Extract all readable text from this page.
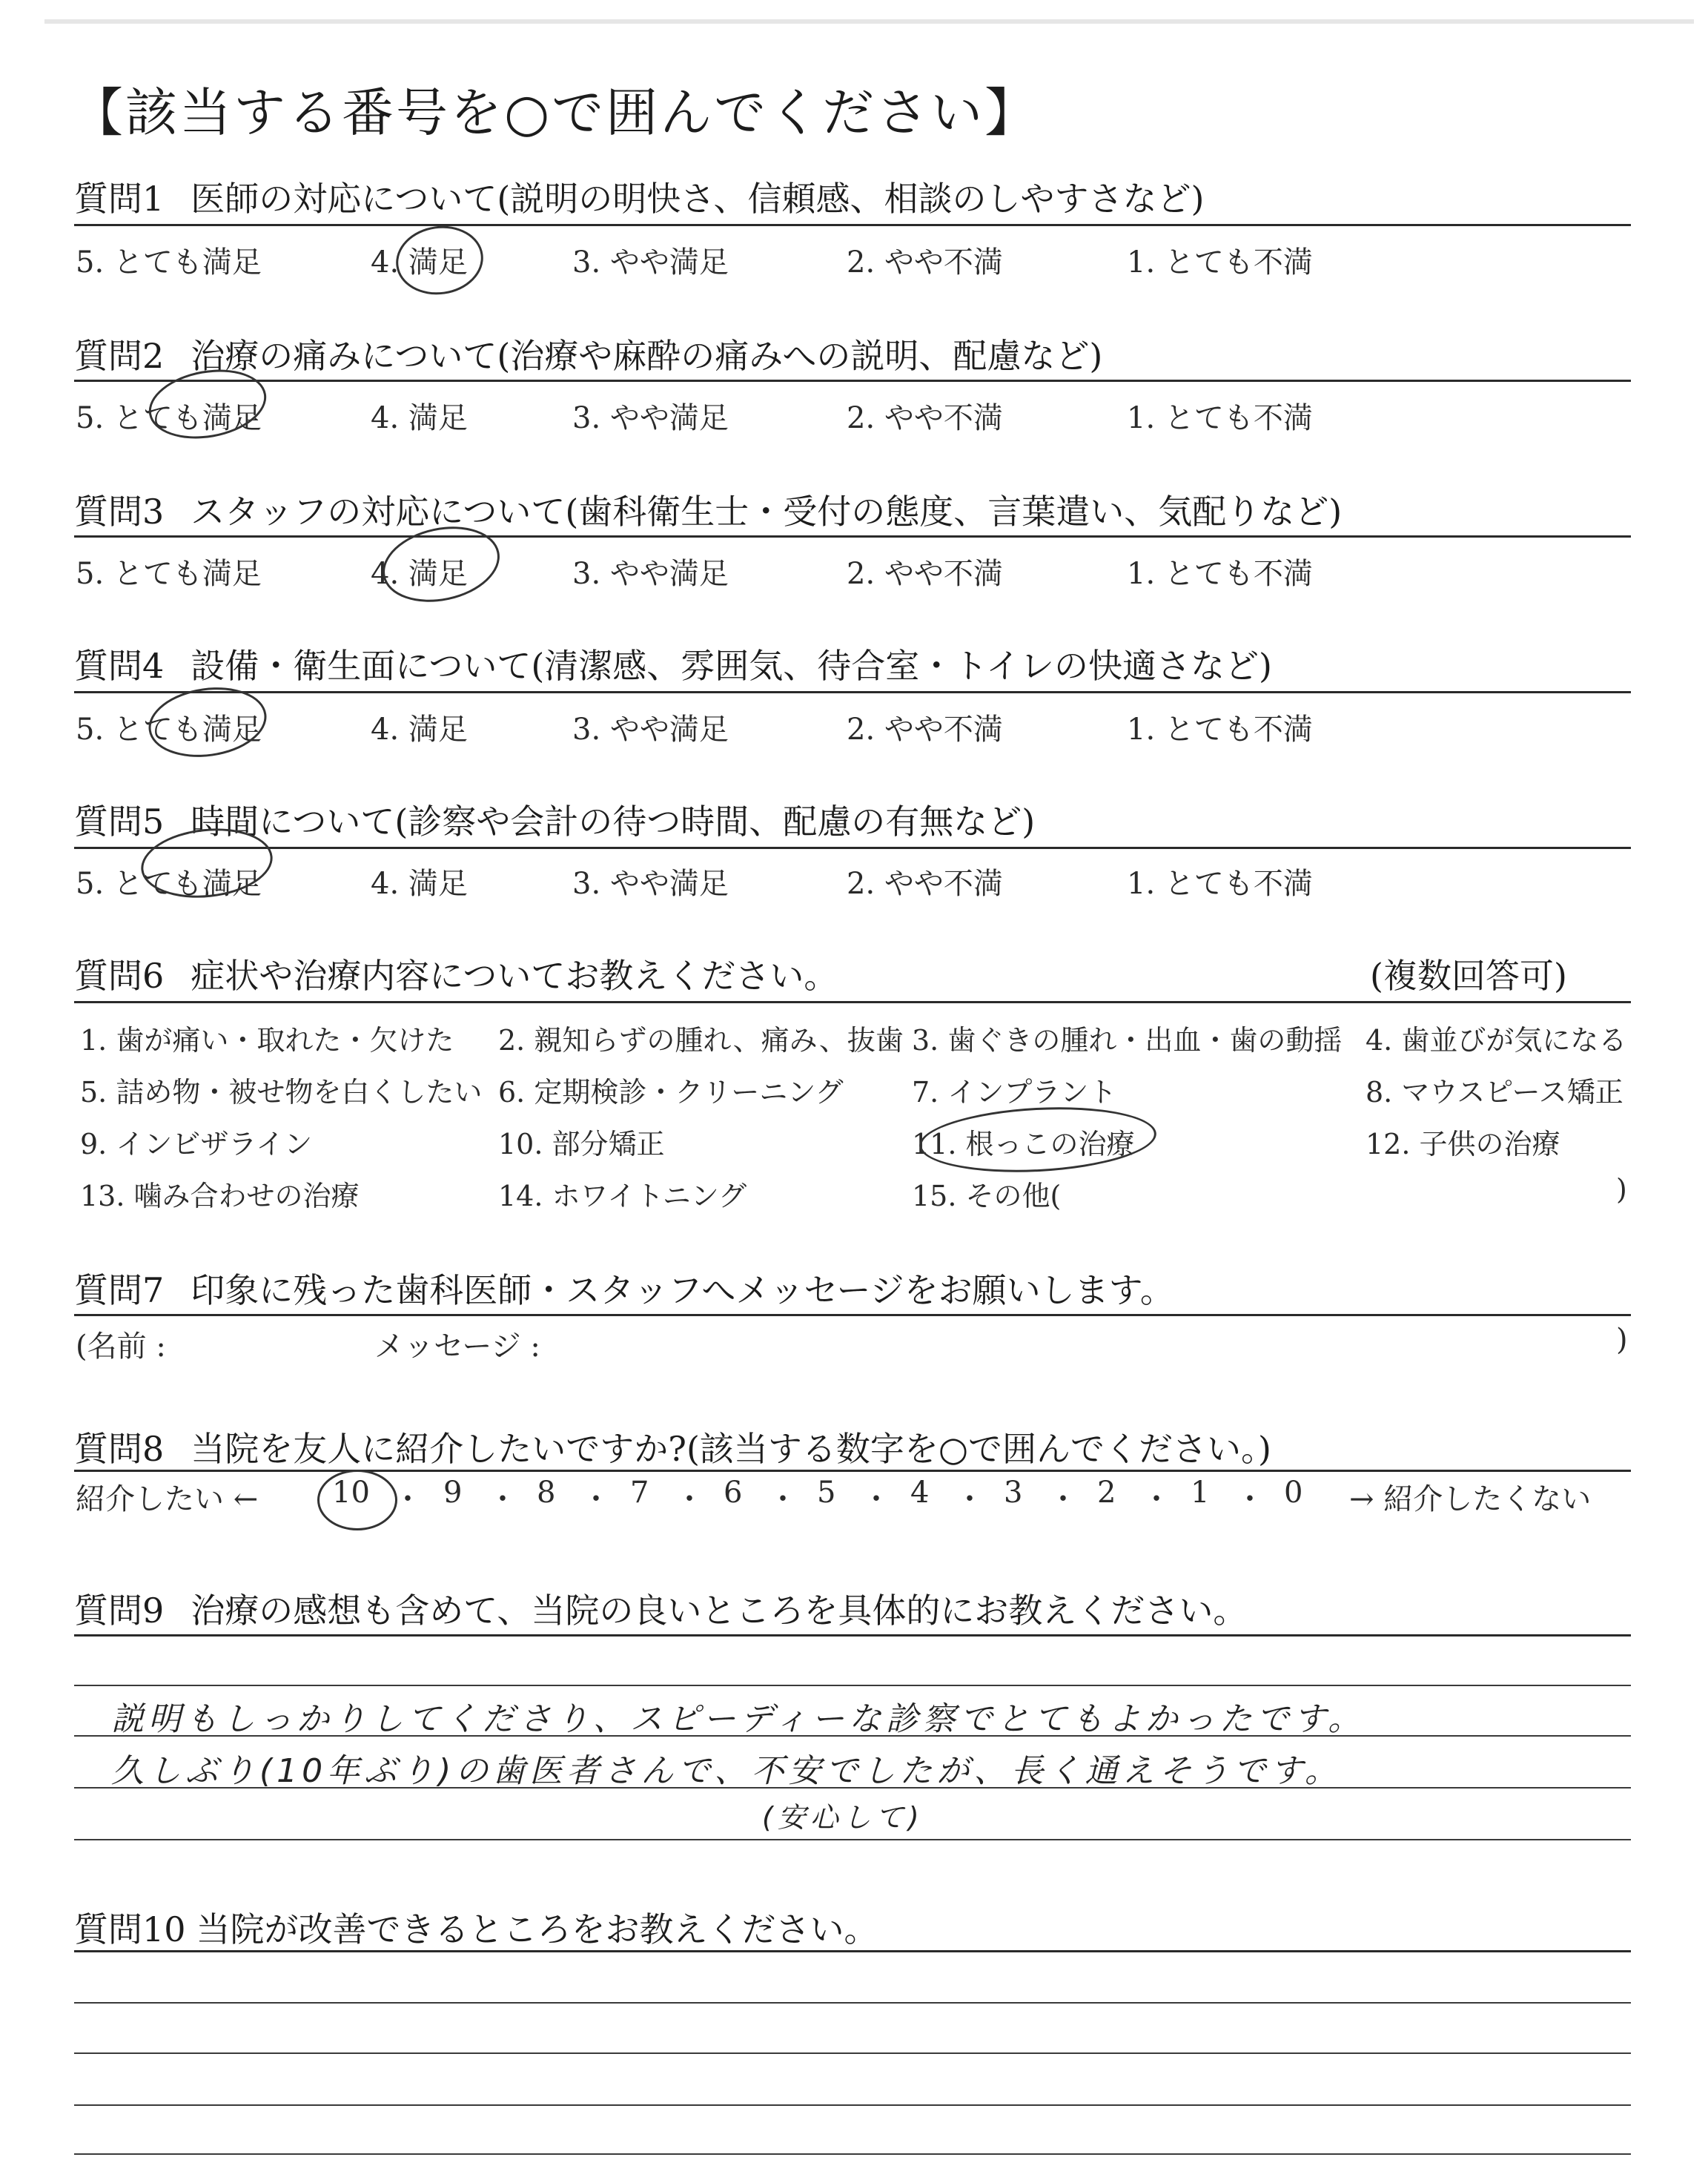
【該当する番号を○で囲んでください】
質問1 医師の対応について(説明の明快さ、信頼感、相談のしやすさなど)
5. とても満足	4. 満足	3. やや満足	2. やや不満	1. とても不満
質問2 治療の痛みについて(治療や麻酔の痛みへの説明、配慮など)
5. とても満足	4. 満足	3. やや満足	2. やや不満	1. とても不満
質問3 スタッフの対応について(歯科衛生士・受付の態度、言葉遣い、気配りなど)
5. とても満足	4. 満足	3. やや満足	2. やや不満	1. とても不満
質問4 設備・衛生面について(清潔感、雰囲気、待合室・トイレの快適さなど)
5. とても満足	4. 満足	3. やや満足	2. やや不満	1. とても不満
質問5 時間について(診察や会計の待つ時間、配慮の有無など)
5. とても満足	4. 満足	3. やや満足	2. やや不満	1. とても不満
質問6 症状や治療内容についてお教えください。	(複数回答可)
1. 歯が痛い・取れた・欠けた 2. 親知らずの腫れ、痛み、抜歯 3. 歯ぐきの腫れ・出血・歯の動揺 4. 歯並びが気になる
5. 詰め物・被せ物を白くしたい 6. 定期検診・クリーニング 7. インプラント	8. マウスピース矯正
9. インビザライン	10. 部分矯正	11. 根っこの治療	12. 子供の治療
13. 噛み合わせの治療	14. ホワイトニング	15. その他(	)
質問7 印象に残った歯科医師・スタッフへメッセージをお願いします。
(名前 :	メッセージ :	)
質問8 当院を友人に紹介したいですか?(該当する数字を○で囲んでください。)
紹介したい ← 10 ・ 9 ・ 8 ・ 7 ・ 6 ・ 5 ・ 4 ・ 3 ・ 2 ・ 1 ・ 0 → 紹介したくない
質問9 治療の感想も含めて、当院の良いところを具体的にお教えください。
説明もしっかりしてくださり、スピーディーな診察でとてもよかったです。
久しぶり(10年ぶり)の歯医者さんで、不安でしたが、長く通えそうです。
(安心して)
質問10 当院が改善できるところをお教えください。
